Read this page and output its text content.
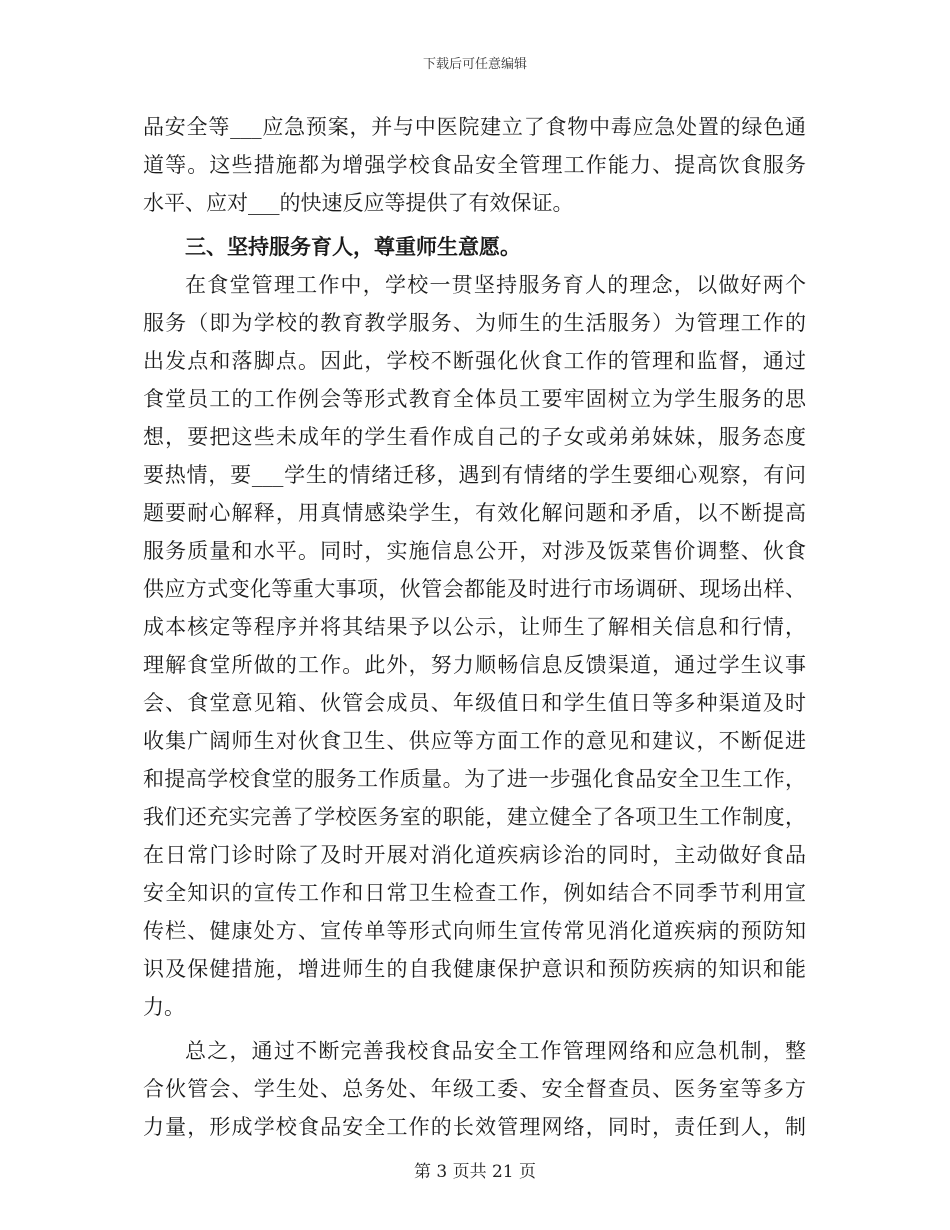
下载后可任意编辑
品安全等___应急预案，并与中医院建立了食物中毒应急处置的绿色通
道等。这些措施都为增强学校食品安全管理工作能力、提高饮食服务
水平、应对___的快速反应等提供了有效保证。
三、坚持服务育人，尊重师生意愿。
在食堂管理工作中，学校一贯坚持服务育人的理念，以做好两个
服务（即为学校的教育教学服务、为师生的生活服务）为管理工作的
出发点和落脚点。因此，学校不断强化伙食工作的管理和监督，通过
食堂员工的工作例会等形式教育全体员工要牢固树立为学生服务的思
想，要把这些未成年的学生看作成自己的子女或弟弟妹妹，服务态度
要热情，要___学生的情绪迁移，遇到有情绪的学生要细心观察，有问
题要耐心解释，用真情感染学生，有效化解问题和矛盾，以不断提高
服务质量和水平。同时，实施信息公开，对涉及饭菜售价调整、伙食
供应方式变化等重大事项，伙管会都能及时进行市场调研、现场出样、
成本核定等程序并将其结果予以公示，让师生了解相关信息和行情，
理解食堂所做的工作。此外，努力顺畅信息反馈渠道，通过学生议事
会、食堂意见箱、伙管会成员、年级值日和学生值日等多种渠道及时
收集广阔师生对伙食卫生、供应等方面工作的意见和建议，不断促进
和提高学校食堂的服务工作质量。为了进一步强化食品安全卫生工作，
我们还充实完善了学校医务室的职能，建立健全了各项卫生工作制度，
在日常门诊时除了及时开展对消化道疾病诊治的同时，主动做好食品
安全知识的宣传工作和日常卫生检查工作，例如结合不同季节利用宣
传栏、健康处方、宣传单等形式向师生宣传常见消化道疾病的预防知
识及保健措施，增进师生的自我健康保护意识和预防疾病的知识和能
力。
总之，通过不断完善我校食品安全工作管理网络和应急机制，整
合伙管会、学生处、总务处、年级工委、安全督查员、医务室等多方
力量，形成学校食品安全工作的长效管理网络，同时，责任到人，制
第 3 页共 21 页
